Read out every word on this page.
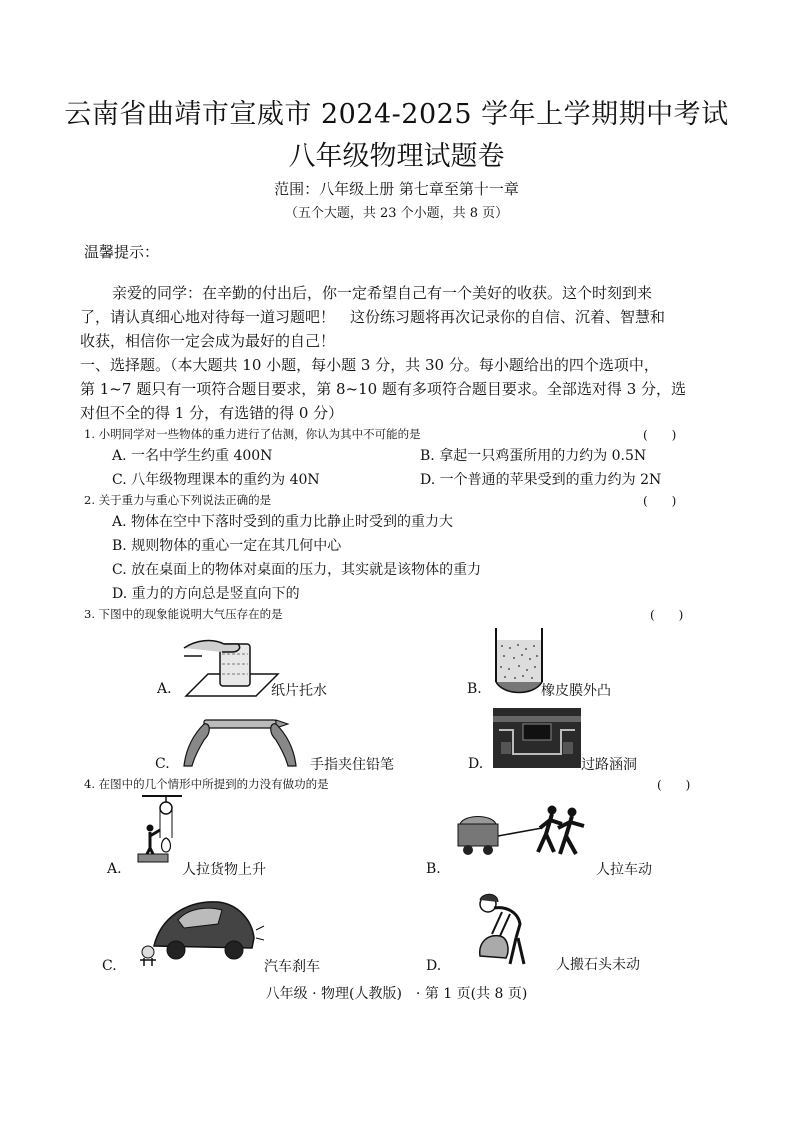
云南省曲靖市宣威市 2024-2025 学年上学期期中考试
八年级物理试题卷
范围：八年级上册 第七章至第十一章
（五个大题，共 23 个小题，共 8 页）
温馨提示：
亲爱的同学：在辛勤的付出后，你一定希望自己有一个美好的收获。这个时刻到来
了，请认真细心地对待每一道习题吧！　这份练习题将再次记录你的自信、沉着、智慧和
收获，相信你一定会成为最好的自己！
一、选择题。（本大题共 10 小题，每小题 3 分，共 30 分。每小题给出的四个选项中，
第 1~7 题只有一项符合题目要求，第 8~10 题有多项符合题目要求。全部选对得 3 分，选
对但不全的得 1 分，有选错的得 0 分）
1. 小明同学对一些物体的重力进行了估测，你认为其中不可能的是	(　　)
A. 一名中学生约重 400N	B. 拿起一只鸡蛋所用的力约为 0.5N
C. 八年级物理课本的重约为 40N	D. 一个普通的苹果受到的重力约为 2N
2. 关于重力与重心下列说法正确的是	(　　)
A. 物体在空中下落时受到的重力比静止时受到的重力大
B. 规则物体的重心一定在其几何中心
C. 放在桌面上的物体对桌面的压力，其实就是该物体的重力
D. 重力的方向总是竖直向下的
3. 下图中的现象能说明大气压存在的是	(　　)
A.	纸片托水	B.	橡皮膜外凸
C.	手指夹住铅笔	D.	过路涵洞
4. 在图中的几个情形中所提到的力没有做功的是	(　　)
A.	人拉货物上升	B.	人拉车动
C.	汽车刹车	D.	人搬石头未动
八年级 · 物理(人教版)　· 第 1 页(共 8 页)
